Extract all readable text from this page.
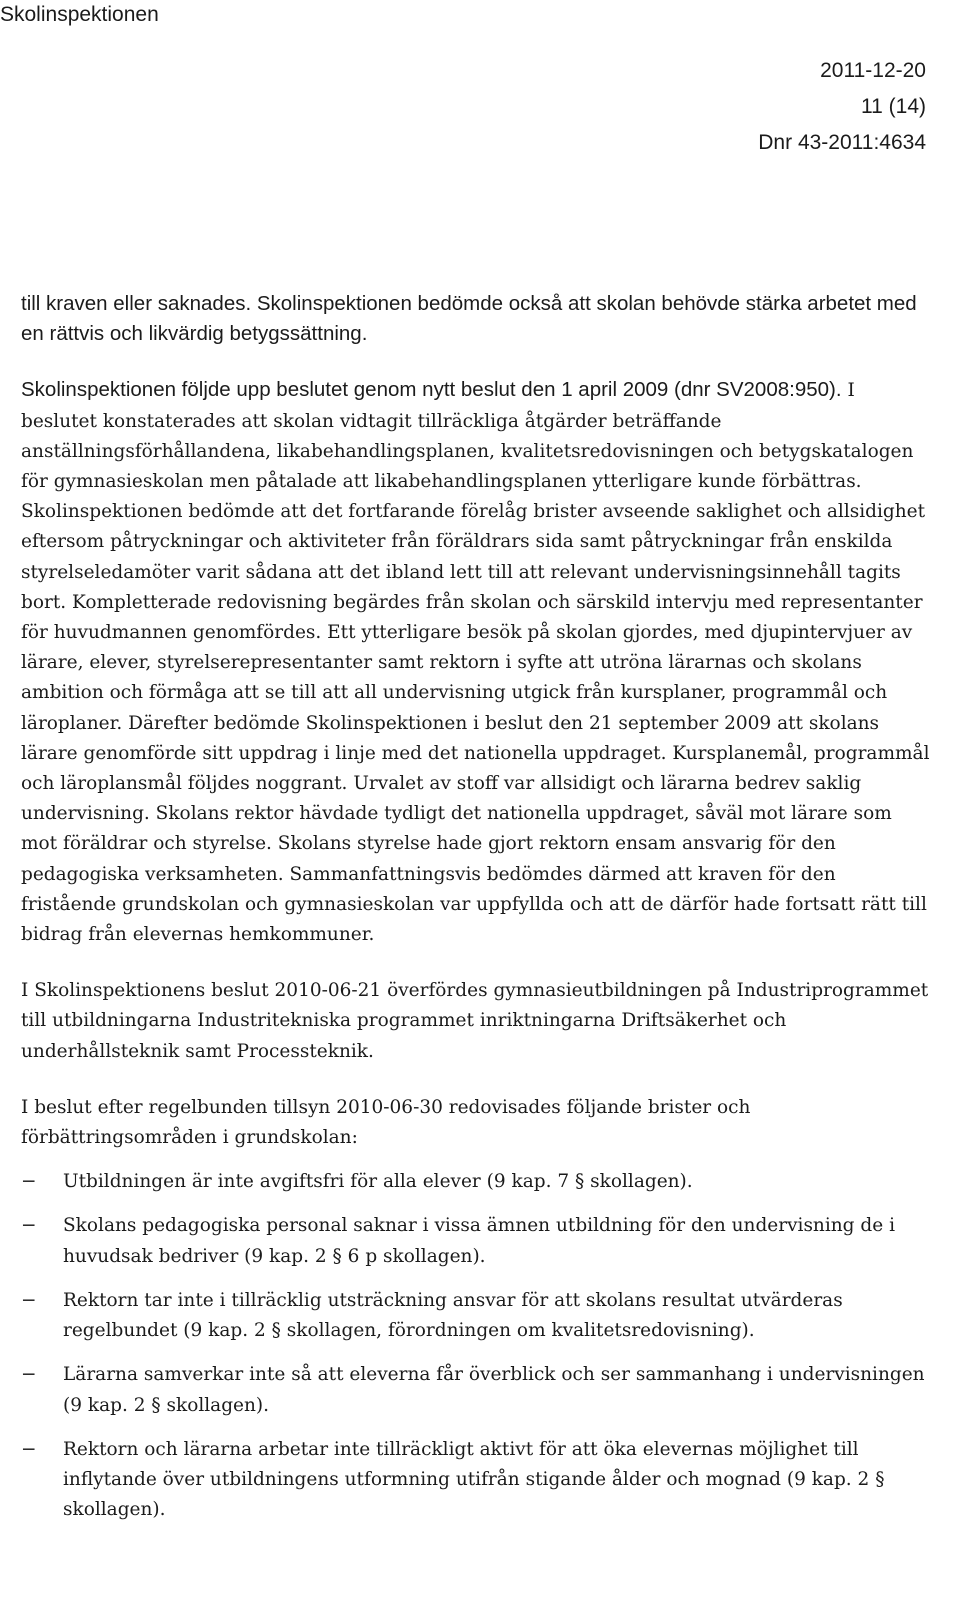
Skolinspektionen
2011-12-20
11 (14)
Dnr 43-2011:4634

till kraven eller saknades. Skolinspektionen bedömde också att skolan behövde stärka arbetet med en rättvis och likvärdig betygssättning.

Skolinspektionen följde upp beslutet genom nytt beslut den 1 april 2009 (dnr SV2008:950). I beslutet konstaterades att skolan vidtagit tillräckliga åtgärder beträffande anställningsförhållandena, likabehandlingsplanen, kvalitetsredovisningen och betygskatalogen för gymnasieskolan men påtalade att likabehandlingsplanen ytterligare kunde förbättras. Skolinspektionen bedömde att det fortfarande förelåg brister avseende saklighet och allsidighet eftersom påtryckningar och aktiviteter från föräldrars sida samt påtryckningar från enskilda styrelseledamöter varit sådana att det ibland lett till att relevant undervisningsinnehåll tagits bort. Kompletterade redovisning begärdes från skolan och särskild intervju med representanter för huvudmannen genomfördes. Ett ytterligare besök på skolan gjordes, med djupintervjuer av lärare, elever, styrelserepresentanter samt rektorn i syfte att utröna lärarnas och skolans ambition och förmåga att se till att all undervisning utgick från kursplaner, programmål och läroplaner. Därefter bedömde Skolinspektionen i beslut den 21 september 2009 att skolans lärare genomförde sitt uppdrag i linje med det nationella uppdraget. Kursplanemål, programmål och läroplansmål följdes noggrant. Urvalet av stoff var allsidigt och lärarna bedrev saklig undervisning. Skolans rektor hävdade tydligt det nationella uppdraget, såväl mot lärare som mot föräldrar och styrelse. Skolans styrelse hade gjort rektorn ensam ansvarig för den pedagogiska verksamheten. Sammanfattningsvis bedömdes därmed att kraven för den fristående grundskolan och gymnasieskolan var uppfyllda och att de därför hade fortsatt rätt till bidrag från elevernas hemkommuner.

I Skolinspektionens beslut 2010-06-21 överfördes gymnasieutbildningen på Industriprogrammet till utbildningarna Industritekniska programmet inriktningarna Driftsäkerhet och underhållsteknik samt Processteknik.

I beslut efter regelbunden tillsyn 2010-06-30 redovisades följande brister och förbättringsområden i grundskolan:

− Utbildningen är inte avgiftsfri för alla elever (9 kap. 7 § skollagen).
− Skolans pedagogiska personal saknar i vissa ämnen utbildning för den undervisning de i huvudsak bedriver (9 kap. 2 § 6 p skollagen).
− Rektorn tar inte i tillräcklig utsträckning ansvar för att skolans resultat utvärderas regelbundet (9 kap. 2 § skollagen, förordningen om kvalitetsredovisning).
− Lärarna samverkar inte så att eleverna får överblick och ser sammanhang i undervisningen (9 kap. 2 § skollagen).
− Rektorn och lärarna arbetar inte tillräckligt aktivt för att öka elevernas möjlighet till inflytande över utbildningens utformning utifrån stigande ålder och mognad (9 kap. 2 § skollagen).
